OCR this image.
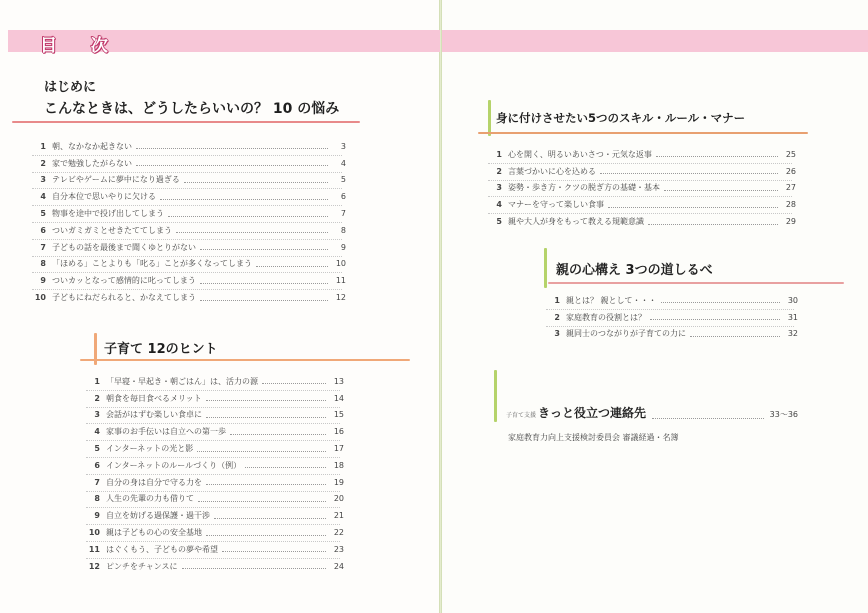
目 次
はじめに
こんなときは、どうしたらいいの？ 10 の悩み
子育て 12のヒント
身に付けさせたい5つのスキル・ルール・マナー
親の心構え 3つの道しるべ
子育て支援 きっと役立つ連絡先	33～36
家庭教育力向上支援検討委員会 審議経過・名簿
1 朝、なかなか起きない	3
2 家で勉強したがらない	4
3 テレビやゲームに夢中になり過ぎる	5
4 自分本位で思いやりに欠ける	6
5 物事を途中で投げ出してしまう	7
6 ついガミガミとせきたててしまう	8
7 子どもの話を最後まで聞くゆとりがない	9
8 「ほめる」ことよりも「叱る」ことが多くなってしまう	10
9 ついカッとなって感情的に叱ってしまう	11
10 子どもにねだられると、かなえてしまう	12
1 「早寝・早起き・朝ごはん」は、活力の源	13
2 朝食を毎日食べるメリット	14
3 会話がはずむ楽しい食卓に	15
4 家事のお手伝いは自立への第一歩	16
5 インターネットの光と影	17
6 インターネットのルールづくり（例）	18
7 自分の身は自分で守る力を	19
8 人生の先輩の力も借りて	20
9 自立を妨げる過保護・過干渉	21
10 親は子どもの心の安全基地	22
11 はぐくもう、子どもの夢や希望	23
12 ピンチをチャンスに	24
1 心を開く、明るいあいさつ・元気な返事	25
2 言葉づかいに心を込める	26
3 姿勢・歩き方・クツの脱ぎ方の基礎・基本	27
4 マナーを守って楽しい食事	28
5 親や大人が身をもって教える規範意識	29
1 親とは？ 親として・・・	30
2 家庭教育の役割とは？	31
3 親同士のつながりが子育ての力に	32
